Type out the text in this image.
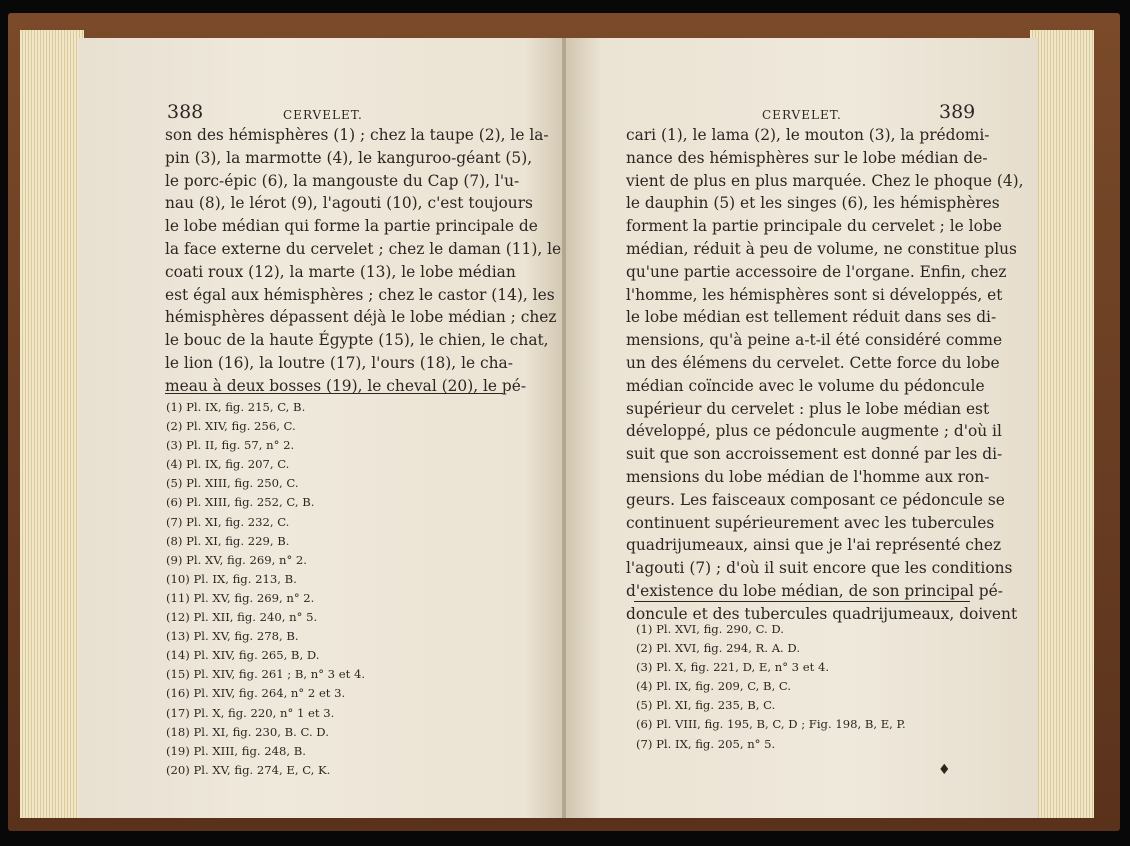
388	CERVELET.
son des hémisphères (1) ; chez la taupe (2), le la-
pin (3), la marmotte (4), le kanguroo-géant (5),
le porc-épic (6), la mangouste du Cap (7), l'u-
nau (8), le lérot (9), l'agouti (10), c'est toujours
le lobe médian qui forme la partie principale de
la face externe du cervelet ; chez le daman (11), le
coati roux (12), la marte (13), le lobe médian
est égal aux hémisphères ; chez le castor (14), les
hémisphères dépassent déjà le lobe médian ; chez
le bouc de la haute Égypte (15), le chien, le chat,
le lion (16), la loutre (17), l'ours (18), le cha-
meau à deux bosses (19), le cheval (20), le pé-
(1) Pl. IX, fig. 215, C, B.
(2) Pl. XIV, fig. 256, C.
(3) Pl. II, fig. 57, n° 2.
(4) Pl. IX, fig. 207, C.
(5) Pl. XIII, fig. 250, C.
(6) Pl. XIII, fig. 252, C, B.
(7) Pl. XI, fig. 232, C.
(8) Pl. XI, fig. 229, B.
(9) Pl. XV, fig. 269, n° 2.
(10) Pl. IX, fig. 213, B.
(11) Pl. XV, fig. 269, n° 2.
(12) Pl. XII, fig. 240, n° 5.
(13) Pl. XV, fig. 278, B.
(14) Pl. XIV, fig. 265, B, D.
(15) Pl. XIV, fig. 261 ; B, n° 3 et 4.
(16) Pl. XIV, fig. 264, n° 2 et 3.
(17) Pl. X, fig. 220, n° 1 et 3.
(18) Pl. XI, fig. 230, B. C. D.
(19) Pl. XIII, fig. 248, B.
(20) Pl. XV, fig. 274, E, C, K.
CERVELET.	389
cari (1), le lama (2), le mouton (3), la prédomi-
nance des hémisphères sur le lobe médian de-
vient de plus en plus marquée. Chez le phoque (4),
le dauphin (5) et les singes (6), les hémisphères
forment la partie principale du cervelet ; le lobe
médian, réduit à peu de volume, ne constitue plus
qu'une partie accessoire de l'organe. Enfin, chez
l'homme, les hémisphères sont si développés, et
le lobe médian est tellement réduit dans ses di-
mensions, qu'à peine a-t-il été considéré comme
un des élémens du cervelet. Cette force du lobe
médian coïncide avec le volume du pédoncule
supérieur du cervelet : plus le lobe médian est
développé, plus ce pédoncule augmente ; d'où il
suit que son accroissement est donné par les di-
mensions du lobe médian de l'homme aux ron-
geurs. Les faisceaux composant ce pédoncule se
continuent supérieurement avec les tubercules
quadrijumeaux, ainsi que je l'ai représenté chez
l'agouti (7) ; d'où il suit encore que les conditions
d'existence du lobe médian, de son principal pé-
doncule et des tubercules quadrijumeaux, doivent
(1) Pl. XVI, fig. 290, C. D.
(2) Pl. XVI, fig. 294, R. A. D.
(3) Pl. X, fig. 221, D, E, n° 3 et 4.
(4) Pl. IX, fig. 209, C, B, C.
(5) Pl. XI, fig. 235, B, C.
(6) Pl. VIII, fig. 195, B, C, D ; Fig. 198, B, E, P.
(7) Pl. IX, fig. 205, n° 5.
♦
